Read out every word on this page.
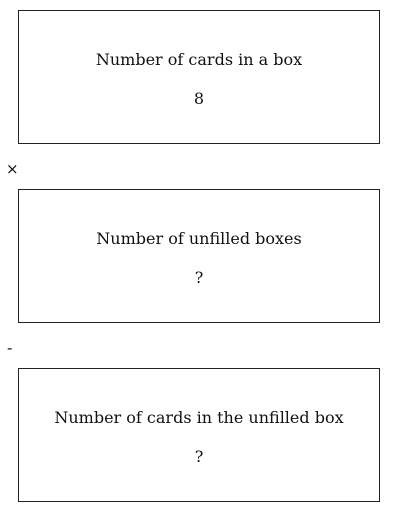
Number of cards in a box
8
×
Number of unfilled boxes
?
-
Number of cards in the unfilled box
?
